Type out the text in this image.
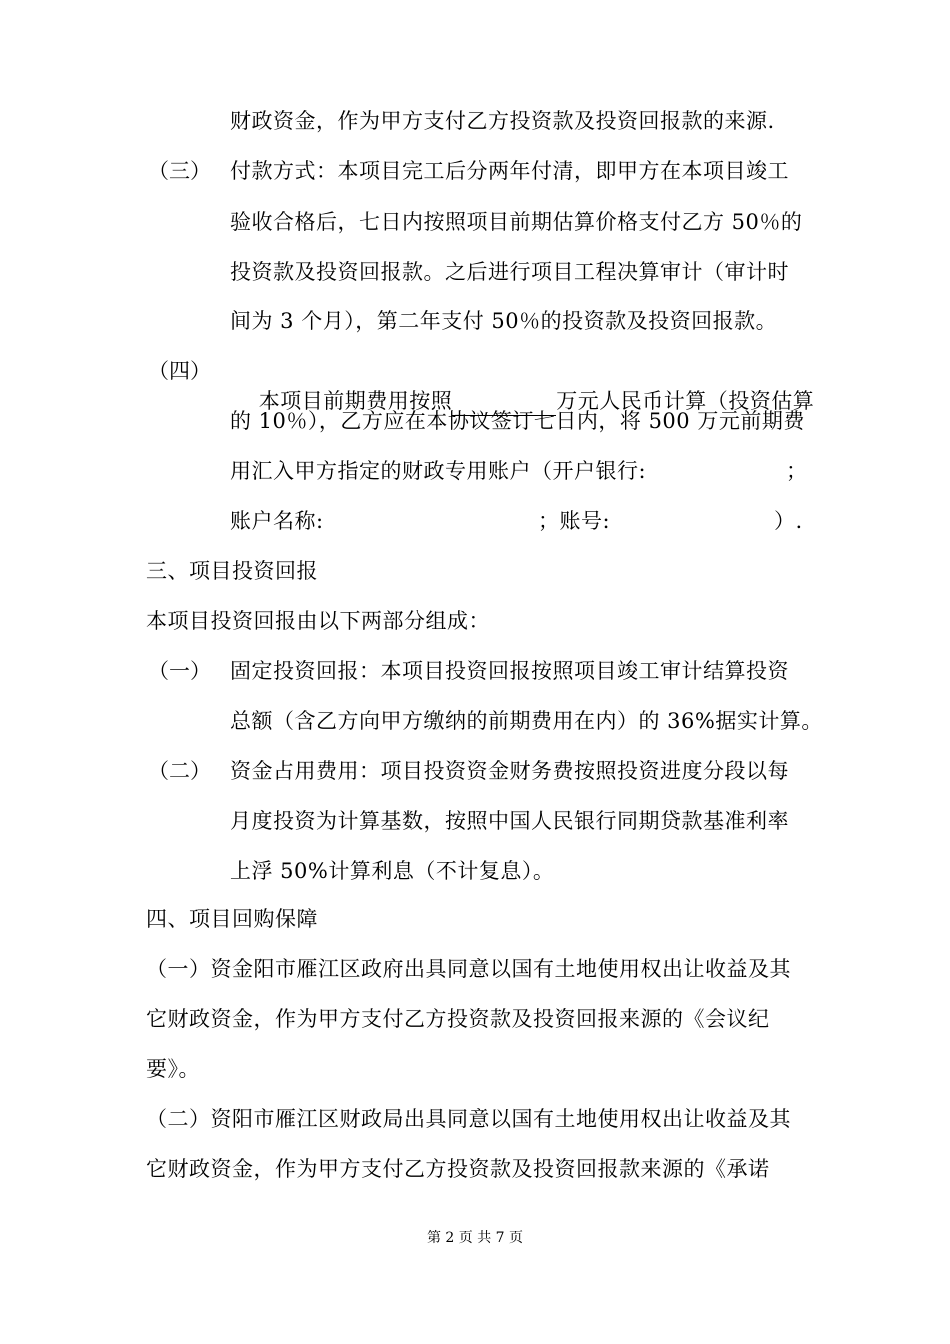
财政资金，作为甲方支付乙方投资款及投资回报款的来源.
（三） 付款方式：本项目完工后分两年付清，即甲方在本项目竣工
验收合格后，七日内按照项目前期估算价格支付乙方 50％的
投资款及投资回报款。之后进行项目工程决算审计（审计时
间为 3 个月），第二年支付 50％的投资款及投资回报款。
（四）

本项目前期费用按照	万元人民币计算（投资估算

的 10％），乙方应在本协议签订七日内，将 500 万元前期费
用汇入甲方指定的财政专用账户（开户银行:	；
账户名称:	；账号:	）.
三、项目投资回报
本项目投资回报由以下两部分组成：
（一） 固定投资回报：本项目投资回报按照项目竣工审计结算投资
总额（含乙方向甲方缴纳的前期费用在内）的 36%据实计算。
（二） 资金占用费用：项目投资资金财务费按照投资进度分段以每
月度投资为计算基数，按照中国人民银行同期贷款基准利率
上浮 50%计算利息（不计复息）。
四、项目回购保障
（一）资金阳市雁江区政府出具同意以国有土地使用权出让收益及其
它财政资金，作为甲方支付乙方投资款及投资回报来源的《会议纪
要》。
（二）资阳市雁江区财政局出具同意以国有土地使用权出让收益及其
它财政资金，作为甲方支付乙方投资款及投资回报款来源的《承诺
第 2 页 共 7 页
